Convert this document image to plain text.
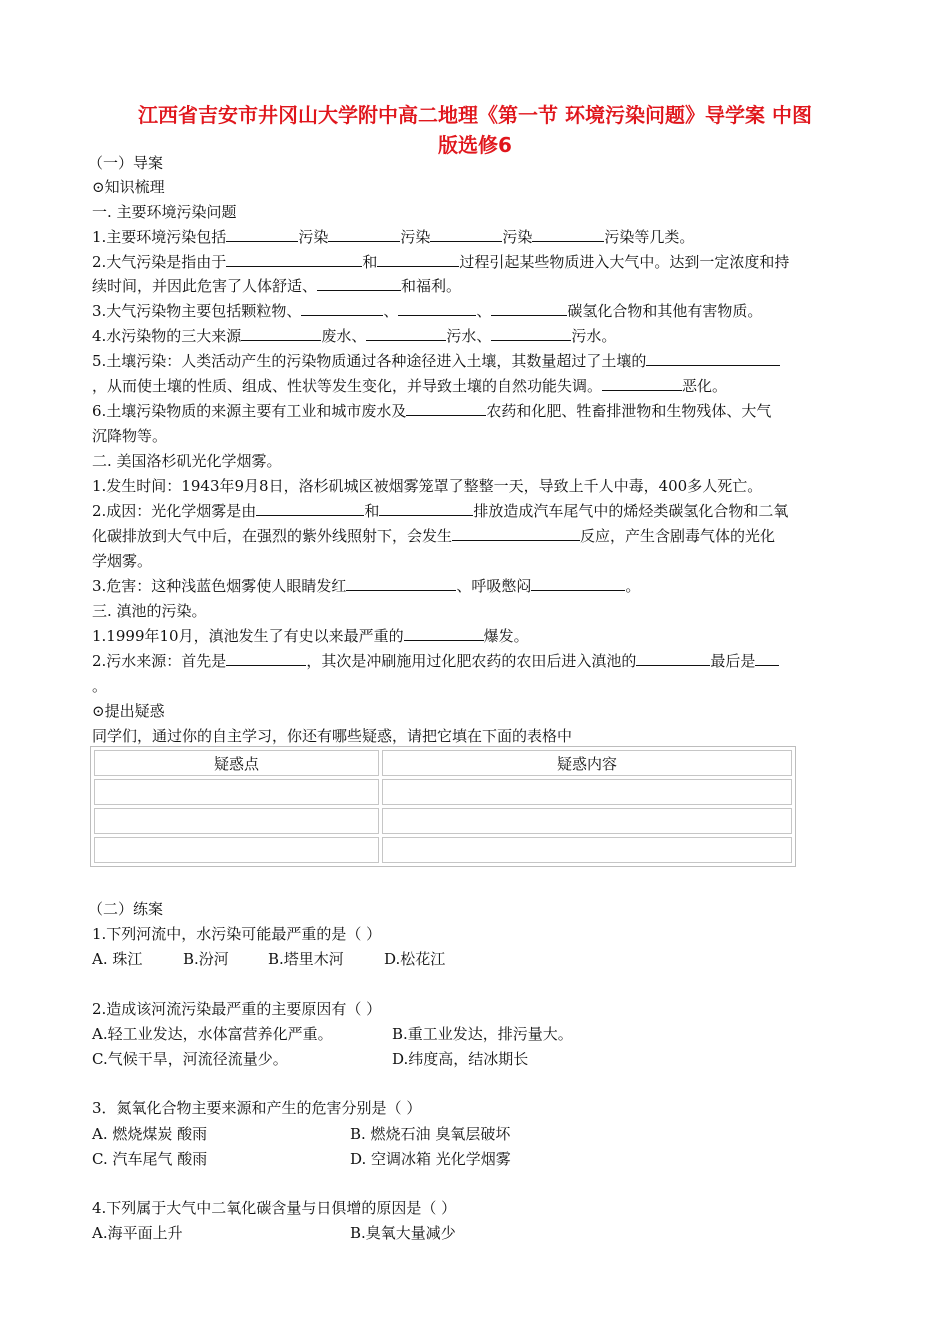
江西省吉安市井冈山大学附中高二地理《第一节 环境污染问题》导学案 中图
版选修6
（一）导案
⊙知识梳理
一. 主要环境污染问题
1.主要环境污染包括	污染	污染	污染	污染等几类。
2.大气污染是指由于	和	过程引起某些物质进入大气中。达到一定浓度和持
续时间，并因此危害了人体舒适、	和福利。
3.大气污染物主要包括颗粒物、	、	、	碳氢化合物和其他有害物质。
4.水污染物的三大来源	废水、	污水、	污水。
5.土壤污染：人类活动产生的污染物质通过各种途径进入土壤，其数量超过了土壤的
，从而使土壤的性质、组成、性状等发生变化，并导致土壤的自然功能失调。	恶化。
6.土壤污染物质的来源主要有工业和城市废水及	农药和化肥、牲畜排泄物和生物残体、大气
沉降物等。
二. 美国洛杉矶光化学烟雾。
1.发生时间：1943年9月8日，洛杉矶城区被烟雾笼罩了整整一天，导致上千人中毒，400多人死亡。
2.成因：光化学烟雾是由	和	排放造成汽车尾气中的烯烃类碳氢化合物和二氧
化碳排放到大气中后，在强烈的紫外线照射下，会发生	反应，产生含剧毒气体的光化
学烟雾。
3.危害：这种浅蓝色烟雾使人眼睛发红	、呼吸憋闷	。
三. 滇池的污染。
1.1999年10月，滇池发生了有史以来最严重的	爆发。
2.污水来源：首先是	，其次是冲刷施用过化肥农药的农田后进入滇池的	最后是
。
⊙提出疑惑
同学们，通过你的自主学习，你还有哪些疑惑，请把它填在下面的表格中
疑惑点	疑惑内容

（二）练案
1.下列河流中，水污染可能最严重的是（ ）
A. 珠江	B.汾河	B.塔里木河	D.松花江
2.造成该河流污染最严重的主要原因有（ ）
A.轻工业发达，水体富营养化严重。	B.重工业发达，排污量大。
C.气候干旱，河流径流量少。	D.纬度高，结冰期长
3．氮氧化合物主要来源和产生的危害分别是（ ）
A. 燃烧煤炭 酸雨	B. 燃烧石油 臭氧层破坏
C. 汽车尾气 酸雨	D. 空调冰箱 光化学烟雾
4.下列属于大气中二氧化碳含量与日俱增的原因是（ ）
A.海平面上升	B.臭氧大量减少
